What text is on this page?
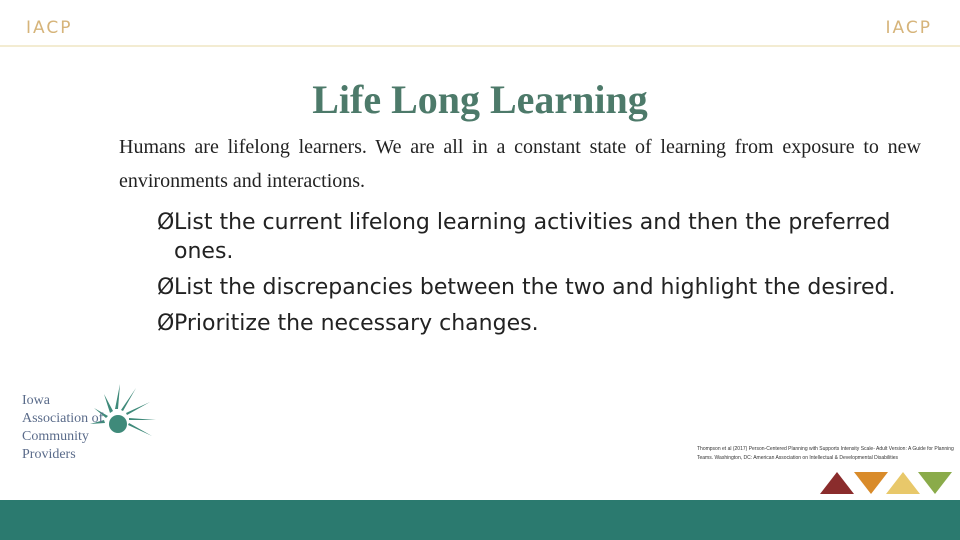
IACP	IACP
Life Long Learning
Humans are lifelong learners. We are all in a constant state of learning from exposure to new environments and interactions.
Ø List the current lifelong learning activities and then the preferred ones.
Ø List the discrepancies between the two and highlight the desired.
Ø Prioritize the necessary changes.
Iowa
Association of
Community
Providers	Thompson et al (2017) Person-Centered Planning with Supports Intensity Scale- Adult Version: A Guide for Planning Teams. Washington, DC: American Association on Intellectual & Developmental Disabilities
